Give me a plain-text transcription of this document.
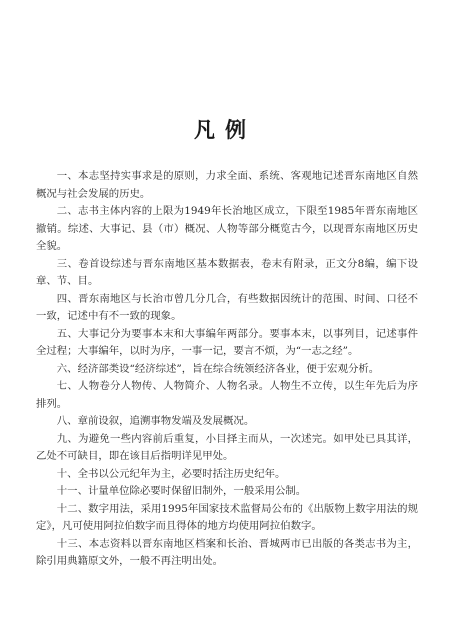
凡例

一、本志坚持实事求是的原则，力求全面、系统、客观地记述晋东南地区自然概况与社会发展的历史。

二、志书主体内容的上限为1949年长治地区成立，下限至1985年晋东南地区撤销。综述、大事记、县（市）概况、人物等部分概览古今，以现晋东南地区历史全貌。

三、卷首设综述与晋东南地区基本数据表，卷末有附录，正文分8编，编下设章、节、目。

四、晋东南地区与长治市曾几分几合，有些数据因统计的范围、时间、口径不一致，记述中有不一致的现象。

五、大事记分为要事本末和大事编年两部分。要事本末，以事列目，记述事件全过程；大事编年，以时为序，一事一记，要言不烦，为“一志之经”。

六、经济部类设“经济综述”，旨在综合统领经济各业，便于宏观分析。

七、人物卷分人物传、人物简介、人物名录。人物生不立传，以生年先后为序排列。

八、章前设叙，追溯事物发端及发展概况。

九、为避免一些内容前后重复，小目择主而从，一次述完。如甲处已具其详，乙处不可缺目，即在该目后指明详见甲处。

十、全书以公元纪年为主，必要时括注历史纪年。

十一、计量单位除必要时保留旧制外，一般采用公制。

十二、数字用法，采用1995年国家技术监督局公布的《出版物上数字用法的规定》，凡可使用阿拉伯数字而且得体的地方均使用阿拉伯数字。

十三、本志资料以晋东南地区档案和长治、晋城两市已出版的各类志书为主，除引用典籍原文外，一般不再注明出处。
